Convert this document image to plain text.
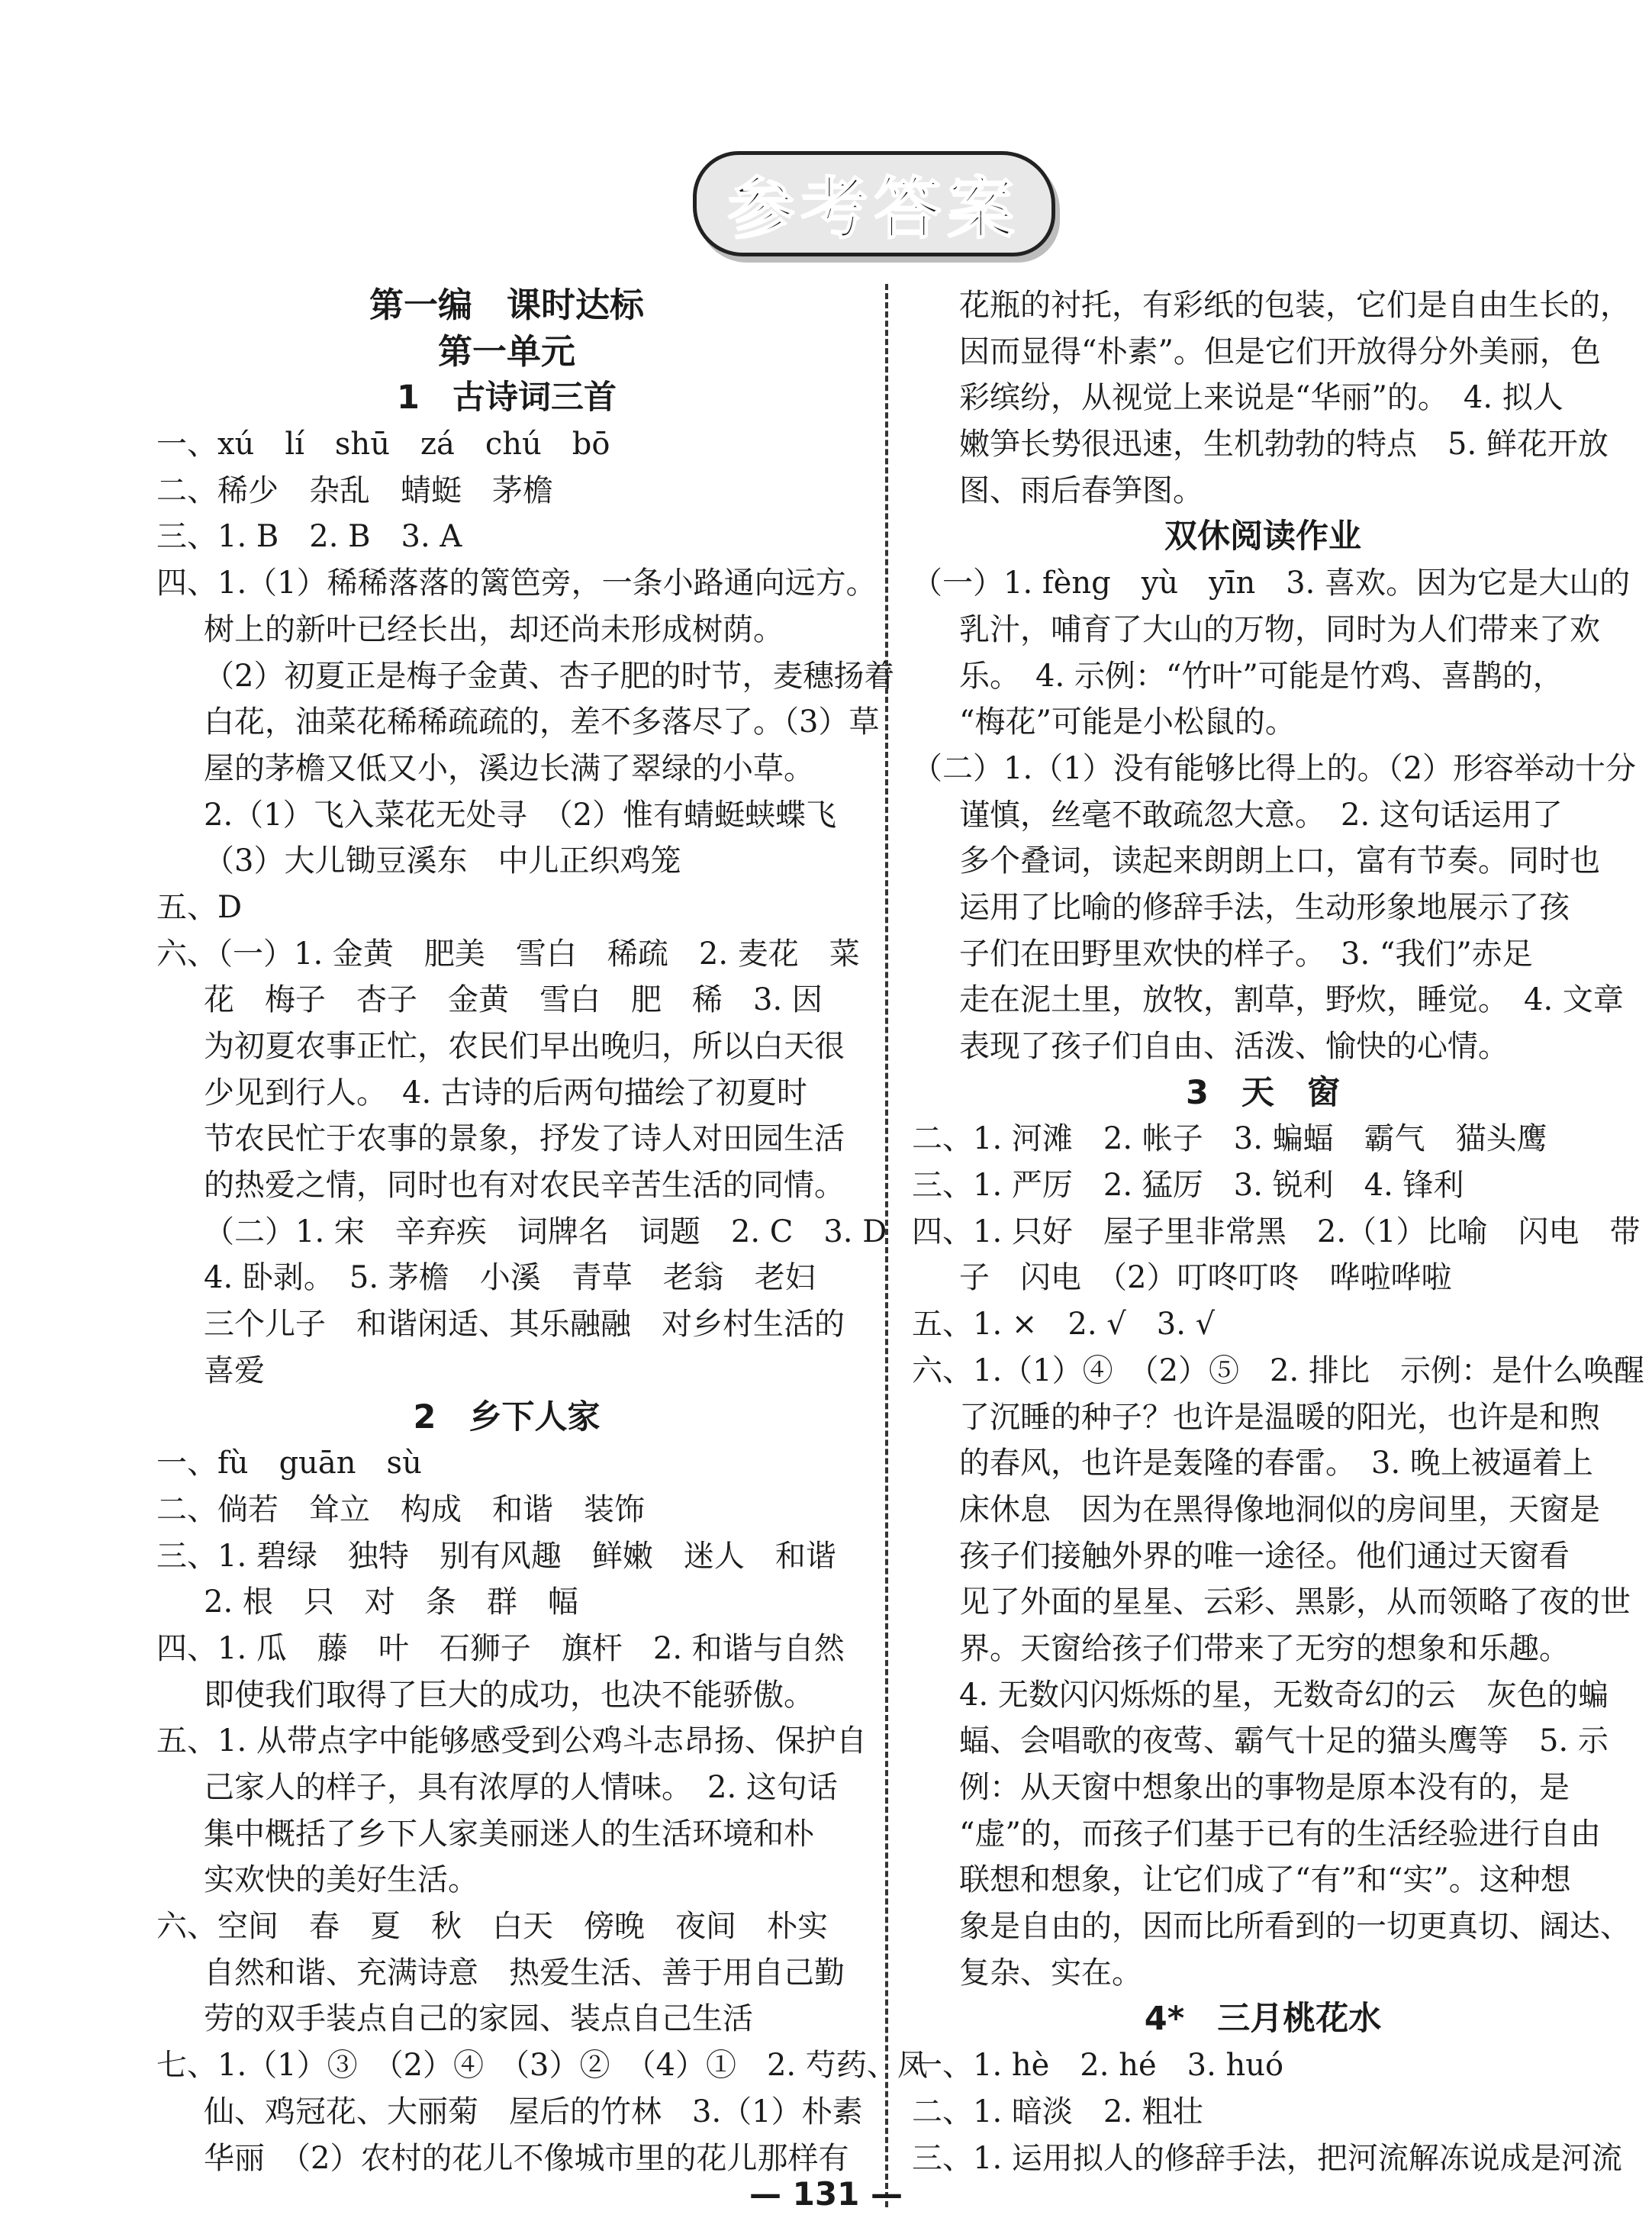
参考答案
第一编　课时达标
第一单元
1　古诗词三首
一、xú　lí　shū　zá　chú　bō
二、稀少　杂乱　蜻蜓　茅檐
三、1. B　2. B　3. A
四、1.（1）稀稀落落的篱笆旁，一条小路通向远方。
树上的新叶已经长出，却还尚未形成树荫。
（2）初夏正是梅子金黄、杏子肥的时节，麦穗扬着
白花，油菜花稀稀疏疏的，差不多落尽了。（3）草
屋的茅檐又低又小，溪边长满了翠绿的小草。
2.（1）飞入菜花无处寻　（2）惟有蜻蜓蛱蝶飞
（3）大儿锄豆溪东　中儿正织鸡笼
五、D
六、（一）1. 金黄　肥美　雪白　稀疏　2. 麦花　菜
花　梅子　杏子　金黄　雪白　肥　稀　3. 因
为初夏农事正忙，农民们早出晚归，所以白天很
少见到行人。　4. 古诗的后两句描绘了初夏时
节农民忙于农事的景象，抒发了诗人对田园生活
的热爱之情，同时也有对农民辛苦生活的同情。
（二）1. 宋　辛弃疾　词牌名　词题　2. C　3. D
4. 卧剥。　5. 茅檐　小溪　青草　老翁　老妇
三个儿子　和谐闲适、其乐融融　对乡村生活的
喜爱
2　乡下人家
一、fù　guān　sù
二、倘若　耸立　构成　和谐　装饰
三、1. 碧绿　独特　别有风趣　鲜嫩　迷人　和谐
2. 根　只　对　条　群　幅
四、1. 瓜　藤　叶　石狮子　旗杆　2. 和谐与自然
即使我们取得了巨大的成功，也决不能骄傲。
五、1. 从带点字中能够感受到公鸡斗志昂扬、保护自
己家人的样子，具有浓厚的人情味。　2. 这句话
集中概括了乡下人家美丽迷人的生活环境和朴
实欢快的美好生活。
六、空间　春　夏　秋　白天　傍晚　夜间　朴实
自然和谐、充满诗意　热爱生活、善于用自己勤
劳的双手装点自己的家园、装点自己生活
七、1.（1）③　（2）④　（3）②　（4）①　2. 芍药、凤
仙、鸡冠花、大丽菊　屋后的竹林　3.（1）朴素
华丽　（2）农村的花儿不像城市里的花儿那样有
花瓶的衬托，有彩纸的包装，它们是自由生长的，
因而显得“朴素”。但是它们开放得分外美丽，色
彩缤纷，从视觉上来说是“华丽”的。　4. 拟人
嫩笋长势很迅速，生机勃勃的特点　5. 鲜花开放
图、雨后春笋图。
双休阅读作业
（一）1. fèng　yù　yīn　3. 喜欢。因为它是大山的
乳汁，哺育了大山的万物，同时为人们带来了欢
乐。　4. 示例：“竹叶”可能是竹鸡、喜鹊的，
“梅花”可能是小松鼠的。
（二）1.（1）没有能够比得上的。（2）形容举动十分
谨慎，丝毫不敢疏忽大意。　2. 这句话运用了
多个叠词，读起来朗朗上口，富有节奏。同时也
运用了比喻的修辞手法，生动形象地展示了孩
子们在田野里欢快的样子。　3. “我们”赤足
走在泥土里，放牧，割草，野炊，睡觉。　4. 文章
表现了孩子们自由、活泼、愉快的心情。
3　天　窗
二、1. 河滩　2. 帐子　3. 蝙蝠　霸气　猫头鹰
三、1. 严厉　2. 猛厉　3. 锐利　4. 锋利
四、1. 只好　屋子里非常黑　2.（1）比喻　闪电　带
子　闪电　（2）叮咚叮咚　哗啦哗啦
五、1. ×　2. √　3. √
六、1.（1）④　（2）⑤　2. 排比　示例：是什么唤醒
了沉睡的种子？也许是温暖的阳光，也许是和煦
的春风，也许是轰隆的春雷。　3. 晚上被逼着上
床休息　因为在黑得像地洞似的房间里，天窗是
孩子们接触外界的唯一途径。他们通过天窗看
见了外面的星星、云彩、黑影，从而领略了夜的世
界。天窗给孩子们带来了无穷的想象和乐趣。
4. 无数闪闪烁烁的星，无数奇幻的云　灰色的蝙
蝠、会唱歌的夜莺、霸气十足的猫头鹰等　5. 示
例：从天窗中想象出的事物是原本没有的，是
“虚”的，而孩子们基于已有的生活经验进行自由
联想和想象，让它们成了“有”和“实”。这种想
象是自由的，因而比所看到的一切更真切、阔达、
复杂、实在。
4*　三月桃花水
一、1. hè　2. hé　3. huó
二、1. 暗淡　2. 粗壮
三、1. 运用拟人的修辞手法，把河流解冻说成是河流
— 131 —
